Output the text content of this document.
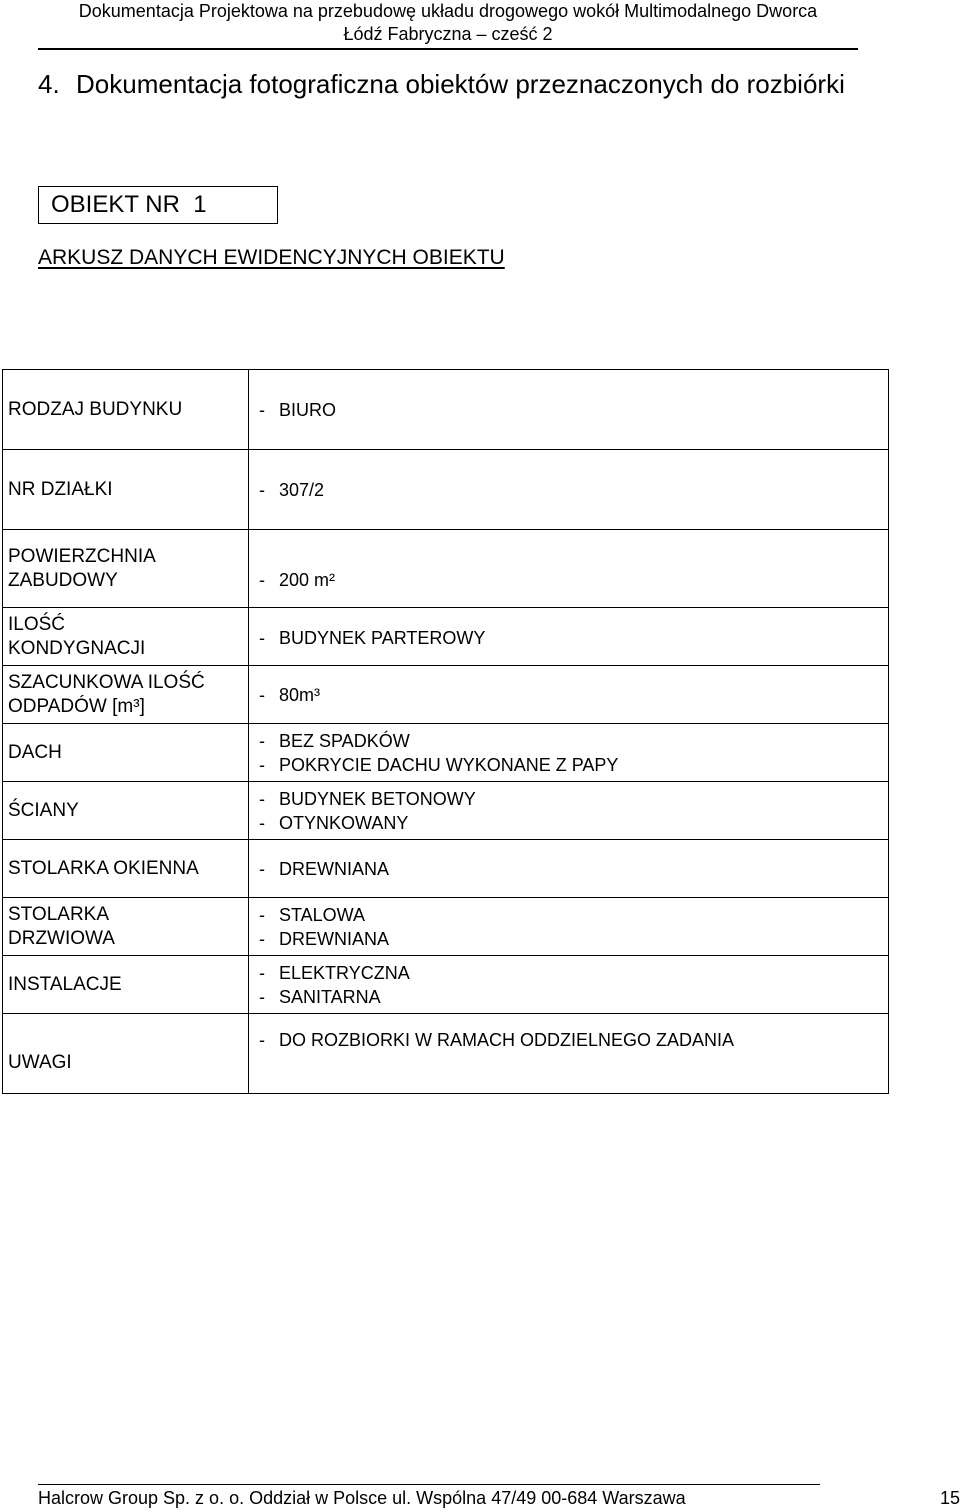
Dokumentacja Projektowa na przebudowę układu drogowego wokół Multimodalnego Dworca
Łódź Fabryczna – cześć 2
4. Dokumentacja fotograficzna obiektów przeznaczonych do rozbiórki
OBIEKT NR  1
ARKUSZ DANYCH EWIDENCYJNYCH OBIEKTU
RODZAJ BUDYNKU	- BIURO
NR DZIAŁKI	- 307/2

POWIERZCHNIA ZABUDOWY	- 200 m²

ILOŚĆ KONDYGNACJI	- BUDYNEK PARTEROWY

SZACUNKOWA ILOŚĆ ODPADÓW [m³]	- 80m³
DACH	- BEZ SPADKÓW
- POKRYCIE DACHU WYKONANE Z PAPY

ŚCIANY	- BUDYNEK BETONOWY
- OTYNKOWANY

STOLARKA OKIENNA	- DREWNIANA

STOLARKA DRZWIOWA	- STALOWA
- DREWNIANA

INSTALACJE	- ELEKTRYCZNA
- SANITARNA

UWAGI	- DO ROZBIORKI W RAMACH ODDZIELNEGO ZADANIA
Halcrow Group Sp. z o. o. Oddział w Polsce ul. Wspólna 47/49 00-684 Warszawa	15
